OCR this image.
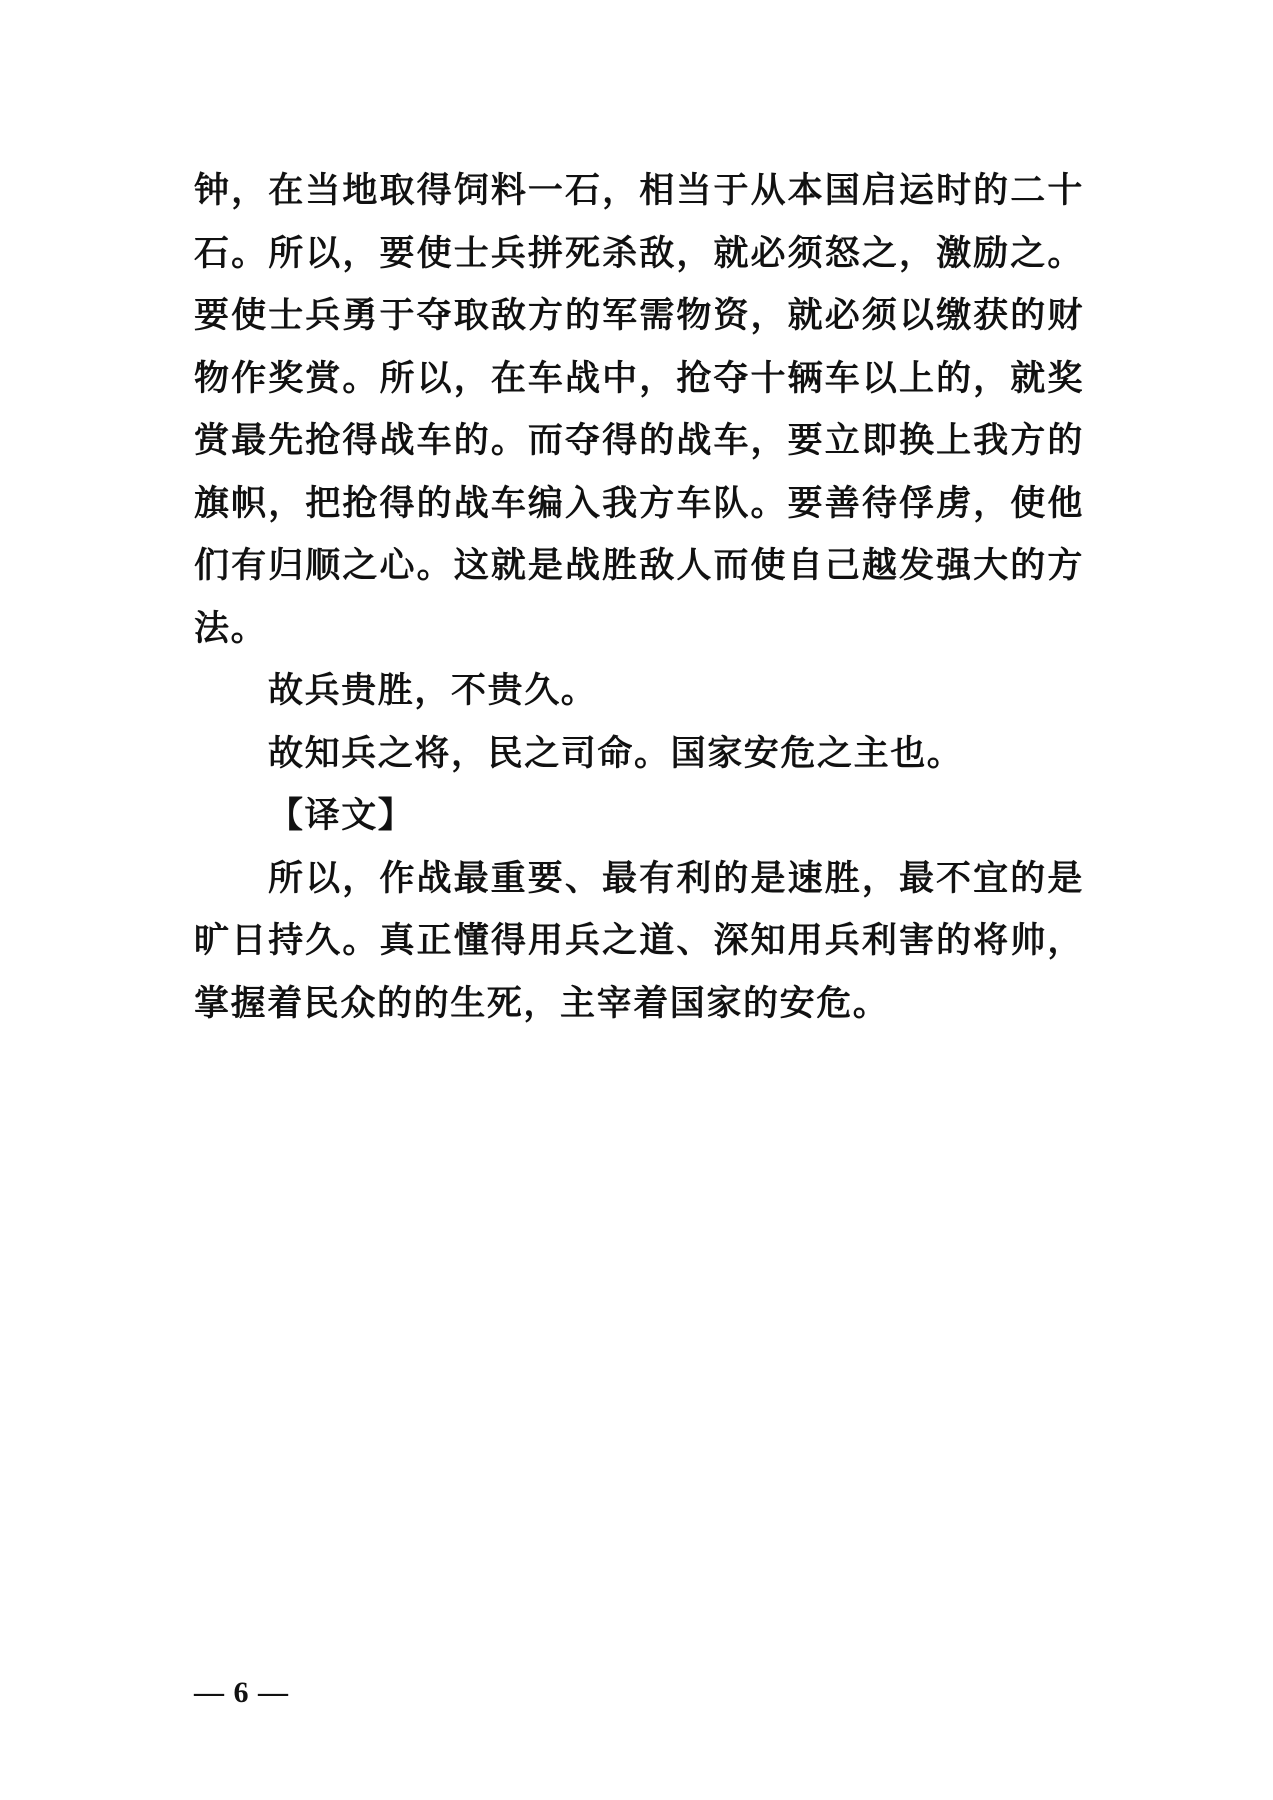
钟，在当地取得饲料一石，相当于从本国启运时的二十石。所以，要使士兵拼死杀敌，就必须怒之，激励之。要使士兵勇于夺取敌方的军需物资，就必须以缴获的财物作奖赏。所以，在车战中，抢夺十辆车以上的，就奖赏最先抢得战车的。而夺得的战车，要立即换上我方的旗帜，把抢得的战车编入我方车队。要善待俘虏，使他们有归顺之心。这就是战胜敌人而使自己越发强大的方法。

故兵贵胜，不贵久。

故知兵之将，民之司命。国家安危之主也。

【译文】

所以，作战最重要、最有利的是速胜，最不宜的是旷日持久。真正懂得用兵之道、深知用兵利害的将帅，掌握着民众的的生死，主宰着国家的安危。

— 6 —
